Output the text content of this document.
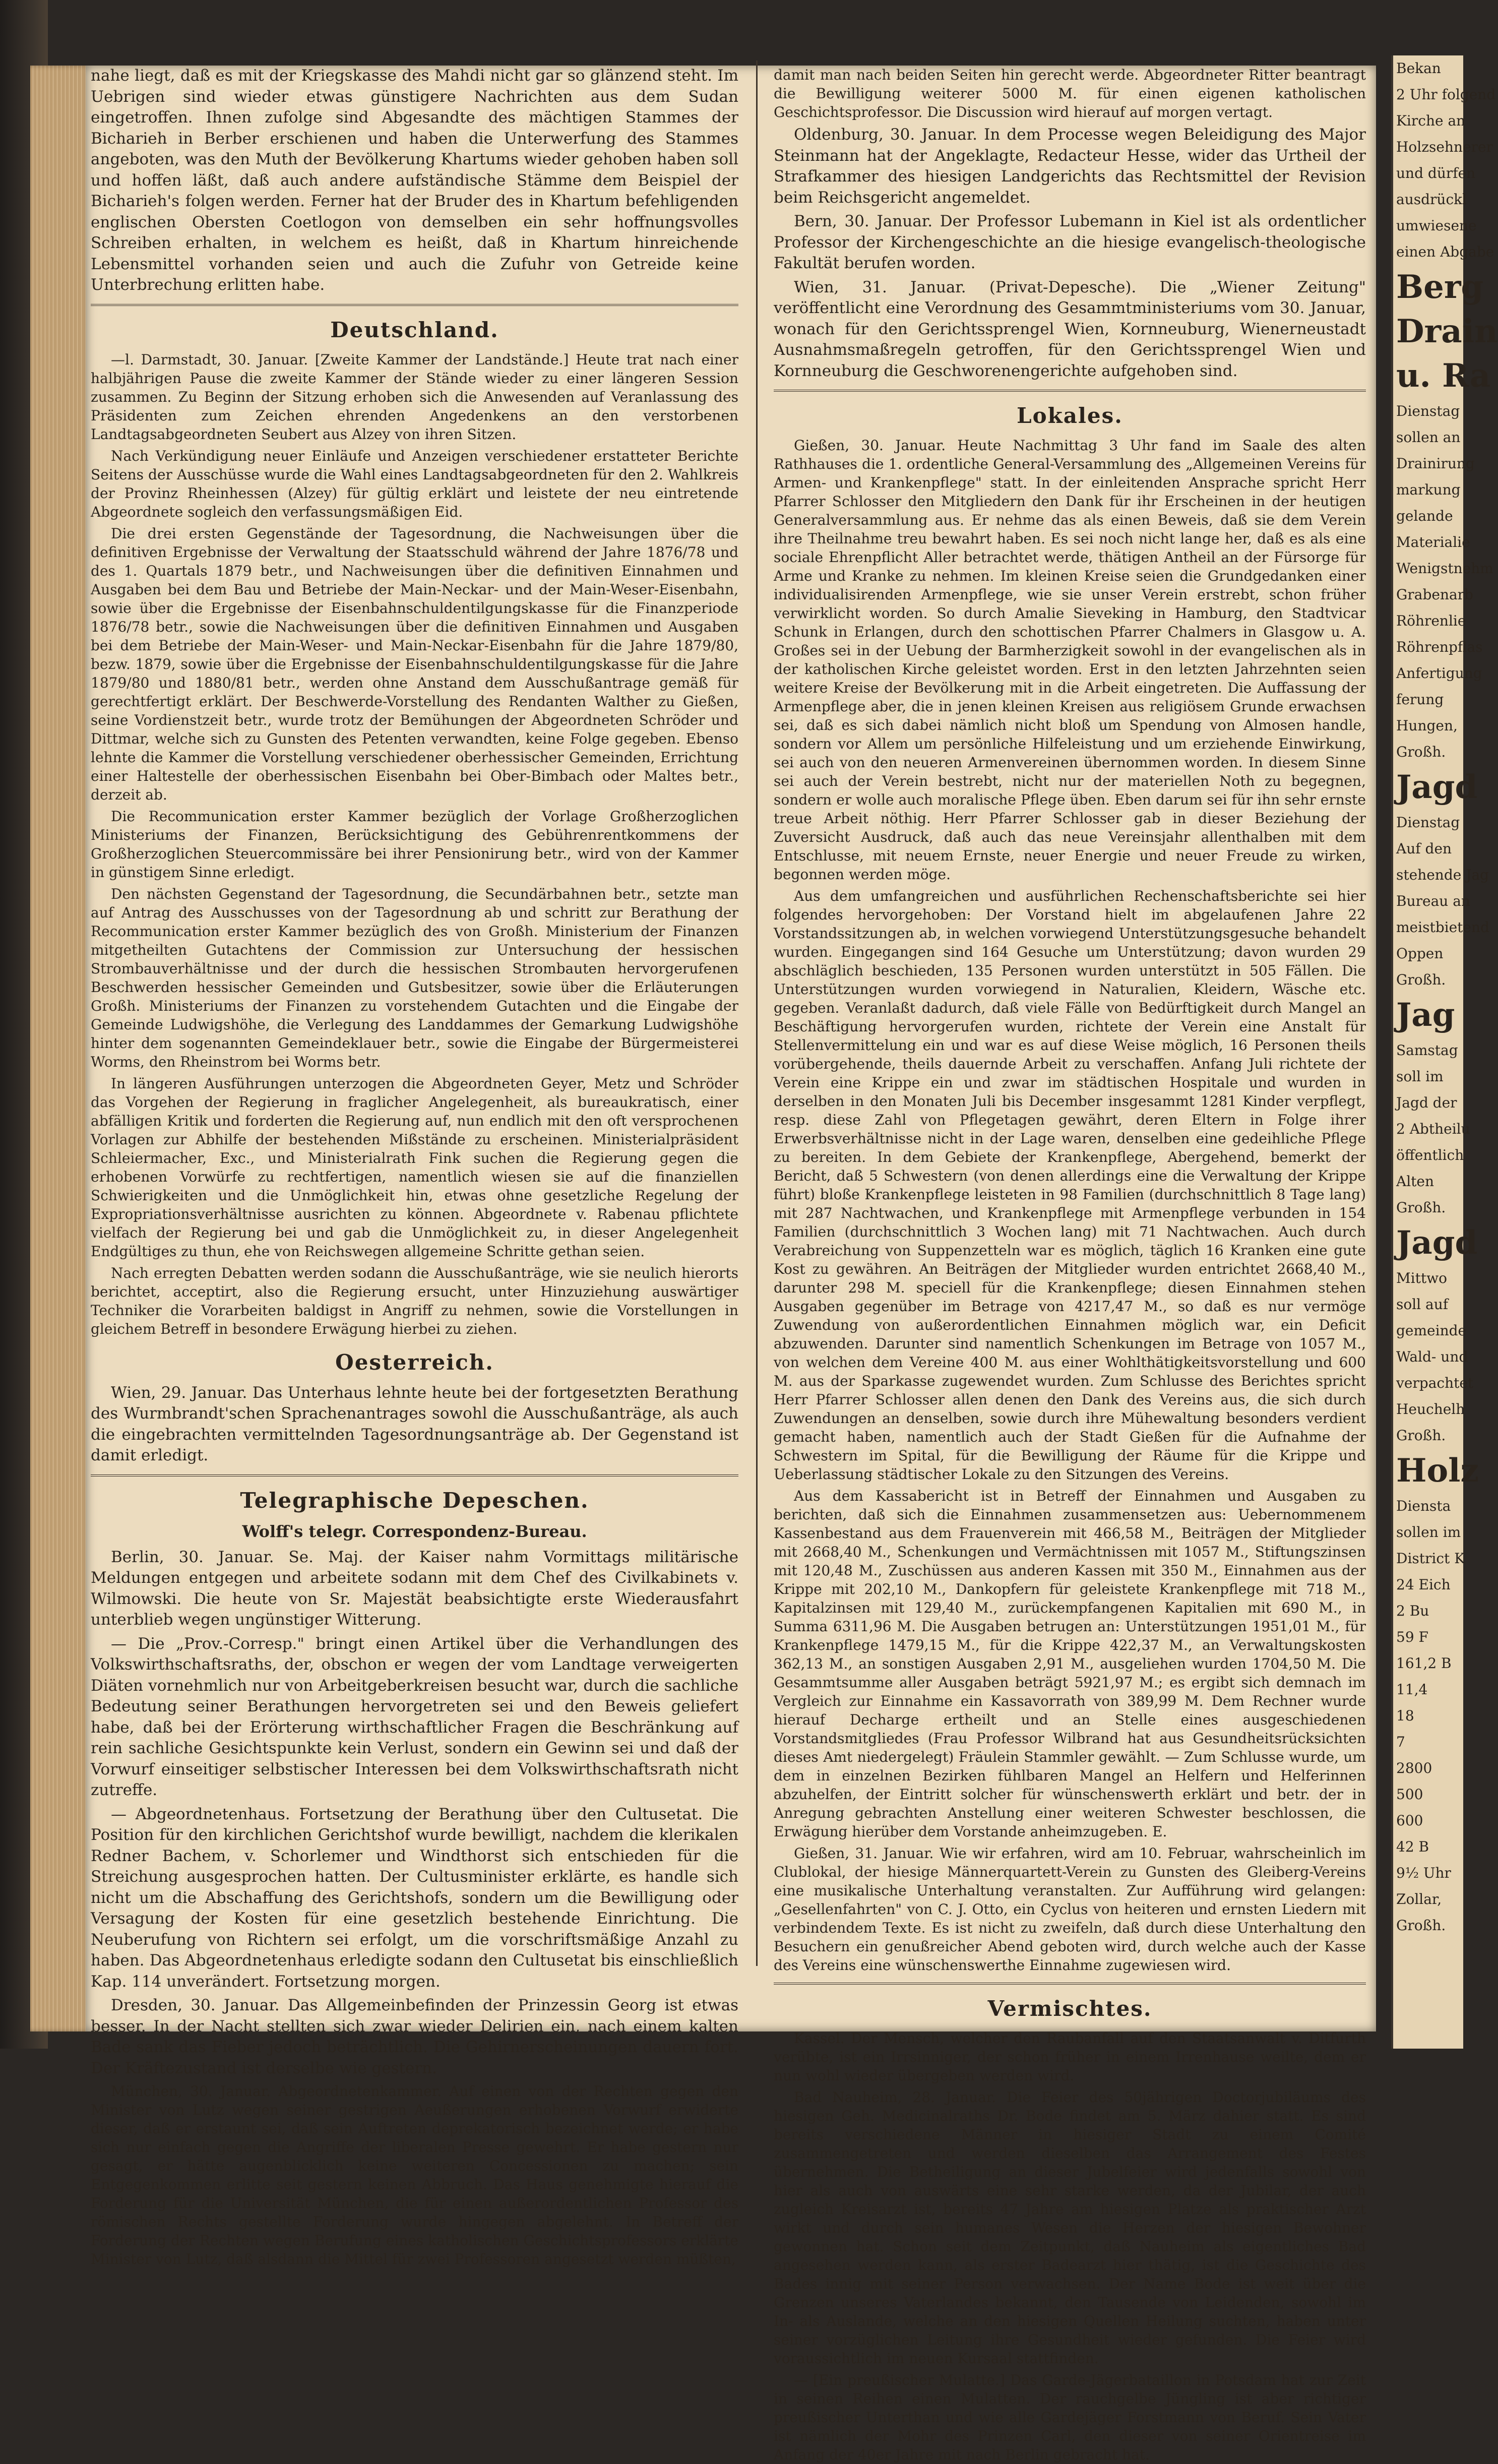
nahe liegt, daß es mit der Kriegskasse des Mahdi nicht gar so glänzend steht. Im Uebrigen sind wieder etwas günstigere Nachrichten aus dem Sudan eingetroffen. Ihnen zufolge sind Abgesandte des mächtigen Stammes der Bicharieh in Berber erschienen und haben die Unterwerfung des Stammes angeboten, was den Muth der Bevölkerung Khartums wieder gehoben haben soll und hoffen läßt, daß auch andere aufständische Stämme dem Beispiel der Bicharieh's folgen werden. Ferner hat der Bruder des in Khartum befehligenden englischen Obersten Coetlogon von demselben ein sehr hoffnungsvolles Schreiben erhalten, in welchem es heißt, daß in Khartum hinreichende Lebensmittel vorhanden seien und auch die Zufuhr von Getreide keine Unterbrechung erlitten habe.

Deutschland.

—l. Darmstadt, 30. Januar. [Zweite Kammer der Landstände.] Heute trat nach einer halbjährigen Pause die zweite Kammer der Stände wieder zu einer längeren Session zusammen. Zu Beginn der Sitzung erhoben sich die Anwesenden auf Veranlassung des Präsidenten zum Zeichen ehrenden Angedenkens an den verstorbenen Landtagsabgeordneten Seubert aus Alzey von ihren Sitzen.

Nach Verkündigung neuer Einläufe und Anzeigen verschiedener erstatteter Berichte Seitens der Ausschüsse wurde die Wahl eines Landtagsabgeordneten für den 2. Wahlkreis der Provinz Rheinhessen (Alzey) für gültig erklärt und leistete der neu eintretende Abgeordnete sogleich den verfassungsmäßigen Eid.

Die drei ersten Gegenstände der Tagesordnung, die Nachweisungen über die definitiven Ergebnisse der Verwaltung der Staatsschuld während der Jahre 1876/78 und des 1. Quartals 1879 betr., und Nachweisungen über die definitiven Einnahmen und Ausgaben bei dem Bau und Betriebe der Main-Neckar- und der Main-Weser-Eisenbahn, sowie über die Ergebnisse der Eisenbahnschuldentilgungskasse für die Finanzperiode 1876/78 betr., sowie die Nachweisungen über die definitiven Einnahmen und Ausgaben bei dem Betriebe der Main-Weser- und Main-Neckar-Eisenbahn für die Jahre 1879/80, bezw. 1879, sowie über die Ergebnisse der Eisenbahnschuldentilgungskasse für die Jahre 1879/80 und 1880/81 betr., werden ohne Anstand dem Ausschußantrage gemäß für gerechtfertigt erklärt. Der Beschwerde-Vorstellung des Rendanten Walther zu Gießen, seine Vordienstzeit betr., wurde trotz der Bemühungen der Abgeordneten Schröder und Dittmar, welche sich zu Gunsten des Petenten verwandten, keine Folge gegeben. Ebenso lehnte die Kammer die Vorstellung verschiedener oberhessischer Gemeinden, Errichtung einer Haltestelle der oberhessischen Eisenbahn bei Ober-Bimbach oder Maltes betr., derzeit ab.

Die Recommunication erster Kammer bezüglich der Vorlage Großherzoglichen Ministeriums der Finanzen, Berücksichtigung des Gebührenrentkommens der Großherzoglichen Steuercommissäre bei ihrer Pensionirung betr., wird von der Kammer in günstigem Sinne erledigt.

Den nächsten Gegenstand der Tagesordnung, die Secundärbahnen betr., setzte man auf Antrag des Ausschusses von der Tagesordnung ab und schritt zur Berathung der Recommunication erster Kammer bezüglich des von Großh. Ministerium der Finanzen mitgetheilten Gutachtens der Commission zur Untersuchung der hessischen Strombauverhältnisse und der durch die hessischen Strombauten hervorgerufenen Beschwerden hessischer Gemeinden und Gutsbesitzer, sowie über die Erläuterungen Großh. Ministeriums der Finanzen zu vorstehendem Gutachten und die Eingabe der Gemeinde Ludwigshöhe, die Verlegung des Landdammes der Gemarkung Ludwigshöhe hinter dem sogenannten Gemeindeklauer betr., sowie die Eingabe der Bürgermeisterei Worms, den Rheinstrom bei Worms betr.

In längeren Ausführungen unterzogen die Abgeordneten Geyer, Metz und Schröder das Vorgehen der Regierung in fraglicher Angelegenheit, als bureaukratisch, einer abfälligen Kritik und forderten die Regierung auf, nun endlich mit den oft versprochenen Vorlagen zur Abhilfe der bestehenden Mißstände zu erscheinen. Ministerialpräsident Schleiermacher, Exc., und Ministerialrath Fink suchen die Regierung gegen die erhobenen Vorwürfe zu rechtfertigen, namentlich wiesen sie auf die finanziellen Schwierigkeiten und die Unmöglichkeit hin, etwas ohne gesetzliche Regelung der Expropriationsverhältnisse ausrichten zu können. Abgeordnete v. Rabenau pflichtete vielfach der Regierung bei und gab die Unmöglichkeit zu, in dieser Angelegenheit Endgültiges zu thun, ehe von Reichswegen allgemeine Schritte gethan seien.

Nach erregten Debatten werden sodann die Ausschußanträge, wie sie neulich hierorts berichtet, acceptirt, also die Regierung ersucht, unter Hinzuziehung auswärtiger Techniker die Vorarbeiten baldigst in Angriff zu nehmen, sowie die Vorstellungen in gleichem Betreff in besondere Erwägung hierbei zu ziehen.

Oesterreich.

Wien, 29. Januar. Das Unterhaus lehnte heute bei der fortgesetzten Berathung des Wurmbrandt'schen Sprachenantrages sowohl die Ausschußanträge, als auch die eingebrachten vermittelnden Tagesordnungsanträge ab. Der Gegenstand ist damit erledigt.

Telegraphische Depeschen.
Wolff's telegr. Correspondenz-Bureau.

Berlin, 30. Januar. Se. Maj. der Kaiser nahm Vormittags militärische Meldungen entgegen und arbeitete sodann mit dem Chef des Civilkabinets v. Wilmowski. Die heute von Sr. Majestät beabsichtigte erste Wiederausfahrt unterblieb wegen ungünstiger Witterung.

— Die „Prov.-Corresp." bringt einen Artikel über die Verhandlungen des Volkswirthschaftsraths, der, obschon er wegen der vom Landtage verweigerten Diäten vornehmlich nur von Arbeitgeberkreisen besucht war, durch die sachliche Bedeutung seiner Berathungen hervorgetreten sei und den Beweis geliefert habe, daß bei der Erörterung wirthschaftlicher Fragen die Beschränkung auf rein sachliche Gesichtspunkte kein Verlust, sondern ein Gewinn sei und daß der Vorwurf einseitiger selbstischer Interessen bei dem Volkswirthschaftsrath nicht zutreffe.

— Abgeordnetenhaus. Fortsetzung der Berathung über den Cultusetat. Die Position für den kirchlichen Gerichtshof wurde bewilligt, nachdem die klerikalen Redner Bachem, v. Schorlemer und Windthorst sich entschieden für die Streichung ausgesprochen hatten. Der Cultusminister erklärte, es handle sich nicht um die Abschaffung des Gerichtshofs, sondern um die Bewilligung oder Versagung der Kosten für eine gesetzlich bestehende Einrichtung. Die Neuberufung von Richtern sei erfolgt, um die vorschriftsmäßige Anzahl zu haben. Das Abgeordnetenhaus erledigte sodann den Cultusetat bis einschließlich Kap. 114 unverändert. Fortsetzung morgen.

Dresden, 30. Januar. Das Allgemeinbefinden der Prinzessin Georg ist etwas besser. In der Nacht stellten sich zwar wieder Delirien ein, nach einem kalten Bade sank das Fieber jedoch beträchtlich. Die Gehirnerscheinungen dauern fort. Der Kräftezustand ist derselbe wie gestern.

München, 30. Januar. Abgeordnetenkammer. Auf einen von der Rechten gegen den Minister von Lutz wegen seiner gestrigen Aeußerungen erhobenen Vorwurf erwiderte dieser, daß er erstaunt sei, daß sein Auftreten deprekatorisch bezeichnet werde; er habe sich nur einfach gegen die Angriffe der liberalen Presse gewehrt. Er habe gestern nur gesagt, er hätte augenblicklich keine weiteren Concessionen zu machen; sein Entgegenkommen erlitte seit gestern keinen Abbruch. Das Haus genehmigte hierauf die Forderung für die Universität München, die für einen außerordentlichen Professor des römischen Rechts gestellte Forderung wurde hingegen abgelehnt. In Betreff der Forderung der Rechten wegen Berufung eines katholischen Geschichtsprofessors erklärte Minister von Lutz, daß alsdann die Mittel für zwei Professoren angesetzt werden müßten,

damit man nach beiden Seiten hin gerecht werde. Abgeordneter Ritter beantragt die Bewilligung weiterer 5000 M. für einen eigenen katholischen Geschichtsprofessor. Die Discussion wird hierauf auf morgen vertagt.

Oldenburg, 30. Januar. In dem Processe wegen Beleidigung des Major Steinmann hat der Angeklagte, Redacteur Hesse, wider das Urtheil der Strafkammer des hiesigen Landgerichts das Rechtsmittel der Revision beim Reichsgericht angemeldet.

Bern, 30. Januar. Der Professor Lubemann in Kiel ist als ordentlicher Professor der Kirchengeschichte an die hiesige evangelisch-theologische Fakultät berufen worden.

Wien, 31. Januar. (Privat-Depesche). Die „Wiener Zeitung" veröffentlicht eine Verordnung des Gesammtministeriums vom 30. Januar, wonach für den Gerichtssprengel Wien, Kornneuburg, Wienerneustadt Ausnahmsmaßregeln getroffen, für den Gerichtssprengel Wien und Kornneuburg die Geschworenengerichte aufgehoben sind.

Lokales.

Gießen, 30. Januar. Heute Nachmittag 3 Uhr fand im Saale des alten Rathhauses die 1. ordentliche General-Versammlung des „Allgemeinen Vereins für Armen- und Krankenpflege" statt. In der einleitenden Ansprache spricht Herr Pfarrer Schlosser den Mitgliedern den Dank für ihr Erscheinen in der heutigen Generalversammlung aus. Er nehme das als einen Beweis, daß sie dem Verein ihre Theilnahme treu bewahrt haben. Es sei noch nicht lange her, daß es als eine sociale Ehrenpflicht Aller betrachtet werde, thätigen Antheil an der Fürsorge für Arme und Kranke zu nehmen. Im kleinen Kreise seien die Grundgedanken einer individualisirenden Armenpflege, wie sie unser Verein erstrebt, schon früher verwirklicht worden. So durch Amalie Sieveking in Hamburg, den Stadtvicar Schunk in Erlangen, durch den schottischen Pfarrer Chalmers in Glasgow u. A. Großes sei in der Uebung der Barmherzigkeit sowohl in der evangelischen als in der katholischen Kirche geleistet worden. Erst in den letzten Jahrzehnten seien weitere Kreise der Bevölkerung mit in die Arbeit eingetreten. Die Auffassung der Armenpflege aber, die in jenen kleinen Kreisen aus religiösem Grunde erwachsen sei, daß es sich dabei nämlich nicht bloß um Spendung von Almosen handle, sondern vor Allem um persönliche Hilfeleistung und um erziehende Einwirkung, sei auch von den neueren Armenvereinen übernommen worden. In diesem Sinne sei auch der Verein bestrebt, nicht nur der materiellen Noth zu begegnen, sondern er wolle auch moralische Pflege üben. Eben darum sei für ihn sehr ernste treue Arbeit nöthig. Herr Pfarrer Schlosser gab in dieser Beziehung der Zuversicht Ausdruck, daß auch das neue Vereinsjahr allenthalben mit dem Entschlusse, mit neuem Ernste, neuer Energie und neuer Freude zu wirken, begonnen werden möge.

Aus dem umfangreichen und ausführlichen Rechenschaftsberichte sei hier folgendes hervorgehoben: Der Vorstand hielt im abgelaufenen Jahre 22 Vorstandssitzungen ab, in welchen vorwiegend Unterstützungsgesuche behandelt wurden. Eingegangen sind 164 Gesuche um Unterstützung; davon wurden 29 abschläglich beschieden, 135 Personen wurden unterstützt in 505 Fällen. Die Unterstützungen wurden vorwiegend in Naturalien, Kleidern, Wäsche etc. gegeben. Veranlaßt dadurch, daß viele Fälle von Bedürftigkeit durch Mangel an Beschäftigung hervorgerufen wurden, richtete der Verein eine Anstalt für Stellenvermittelung ein und war es auf diese Weise möglich, 16 Personen theils vorübergehende, theils dauernde Arbeit zu verschaffen. Anfang Juli richtete der Verein eine Krippe ein und zwar im städtischen Hospitale und wurden in derselben in den Monaten Juli bis December insgesammt 1281 Kinder verpflegt, resp. diese Zahl von Pflegetagen gewährt, deren Eltern in Folge ihrer Erwerbsverhältnisse nicht in der Lage waren, denselben eine gedeihliche Pflege zu bereiten. In dem Gebiete der Krankenpflege, Abergehend, bemerkt der Bericht, daß 5 Schwestern (von denen allerdings eine die Verwaltung der Krippe führt) bloße Krankenpflege leisteten in 98 Familien (durchschnittlich 8 Tage lang) mit 287 Nachtwachen, und Krankenpflege mit Armenpflege verbunden in 154 Familien (durchschnittlich 3 Wochen lang) mit 71 Nachtwachen. Auch durch Verabreichung von Suppenzetteln war es möglich, täglich 16 Kranken eine gute Kost zu gewähren. An Beiträgen der Mitglieder wurden entrichtet 2668,40 M., darunter 298 M. speciell für die Krankenpflege; diesen Einnahmen stehen Ausgaben gegenüber im Betrage von 4217,47 M., so daß es nur vermöge Zuwendung von außerordentlichen Einnahmen möglich war, ein Deficit abzuwenden. Darunter sind namentlich Schenkungen im Betrage von 1057 M., von welchen dem Vereine 400 M. aus einer Wohlthätigkeitsvorstellung und 600 M. aus der Sparkasse zugewendet wurden. Zum Schlusse des Berichtes spricht Herr Pfarrer Schlosser allen denen den Dank des Vereins aus, die sich durch Zuwendungen an denselben, sowie durch ihre Mühewaltung besonders verdient gemacht haben, namentlich auch der Stadt Gießen für die Aufnahme der Schwestern im Spital, für die Bewilligung der Räume für die Krippe und Ueberlassung städtischer Lokale zu den Sitzungen des Vereins.

Aus dem Kassabericht ist in Betreff der Einnahmen und Ausgaben zu berichten, daß sich die Einnahmen zusammensetzen aus: Uebernommenem Kassenbestand aus dem Frauenverein mit 466,58 M., Beiträgen der Mitglieder mit 2668,40 M., Schenkungen und Vermächtnissen mit 1057 M., Stiftungszinsen mit 120,48 M., Zuschüssen aus anderen Kassen mit 350 M., Einnahmen aus der Krippe mit 202,10 M., Dankopfern für geleistete Krankenpflege mit 718 M., Kapitalzinsen mit 129,40 M., zurückempfangenen Kapitalien mit 690 M., in Summa 6311,96 M. Die Ausgaben betrugen an: Unterstützungen 1951,01 M., für Krankenpflege 1479,15 M., für die Krippe 422,37 M., an Verwaltungskosten 362,13 M., an sonstigen Ausgaben 2,91 M., ausgeliehen wurden 1704,50 M. Die Gesammtsumme aller Ausgaben beträgt 5921,97 M.; es ergibt sich demnach im Vergleich zur Einnahme ein Kassavorrath von 389,99 M. Dem Rechner wurde hierauf Decharge ertheilt und an Stelle eines ausgeschiedenen Vorstandsmitgliedes (Frau Professor Wilbrand hat aus Gesundheitsrücksichten dieses Amt niedergelegt) Fräulein Stammler gewählt. — Zum Schlusse wurde, um dem in einzelnen Bezirken fühlbaren Mangel an Helfern und Helferinnen abzuhelfen, der Eintritt solcher für wünschenswerth erklärt und betr. der in Anregung gebrachten Anstellung einer weiteren Schwester beschlossen, die Erwägung hierüber dem Vorstande anheimzugeben. E.

Gießen, 31. Januar. Wie wir erfahren, wird am 10. Februar, wahrscheinlich im Clublokal, der hiesige Männerquartett-Verein zu Gunsten des Gleiberg-Vereins eine musikalische Unterhaltung veranstalten. Zur Aufführung wird gelangen: „Gesellenfahrten" von C. J. Otto, ein Cyclus von heiteren und ernsten Liedern mit verbindendem Texte. Es ist nicht zu zweifeln, daß durch diese Unterhaltung den Besuchern ein genußreicher Abend geboten wird, durch welche auch der Kasse des Vereins eine wünschenswerthe Einnahme zugewiesen wird.

Vermischtes.

Kassel. Der Mensch, welcher den Raubanfall auf den Staatsanwalt v. Ditfurth verübte, ist ein Irrsinniger, der schon früher in einem Irrenhause weilte, dem er nun wohl wieder übergeben werden wird.

Bad Nauheim, 28. Januar. Die Feier des 50jährigen Doctorjubiläums des hiesigen Geh. Medicinalraths Dr. Bode findet am 5. März dahier statt. Es sind bereits verschiedene Männer in hiesiger Stadt zu einem Comité zusammengetreten und werden dieselben das Arrangement des Festes übernehmen. Die Betheiligung an dieser Jubelfeier wird jedenfalls sowohl von hier als auch von auswärts eine sehr starke werden, da der Jubilar, der auch zugleich Kreisarzt ist, bereits 47 Jahre am hiesigen Platze als praktischer Arzt wirkt und durch sein humanes Wesen die Herzen der hiesigen Bewohner gewonnen hat. Schon seit dem Zeitpunkt, daß Nauheim als eigentliches Bad angesehen werden kann, als erster Badearzt hier thätig, ist die Geschichte des Bades innig mit seiner Person verwachsen. Der Name Bode ist weit über die Grenzen unseres Vaterlandes bekannt, den Tausende von Leidenden, sowohl im In- als Auslande, welche an den hiesigen Quellen Heilung suchten, haben unter seiner vorzüglichen Leitung ihre Gesundheit wieder gefunden. Die Feier wird voraussichtlich im neuen Kursaal stattfinden.

— [Ein preußischer Mulatte.] Das Garde-Jägerbataillon in Potsdam hat zur Zeit in seinen Reihen einen Mulatten. Der rauchgelbe Jüngling ist aber richtiger preußischer Unterthan und wie alle Gardejäger Forstmann von Beruf. Sein Vater ist nämlich der Mohr des Prinzen Carl, den dieser von seiner Orientreise im Anfang der 40er Jahre mit nach Berlin gebracht hat.

Bekan
2 Uhr folgend
Kirche an
Holzsehnerer
und dürfen
ausdrückl
umwiesene
einen Abgabe
Berg
Drain
u. Ra
Dienstag
sollen an
Drainirung
markung
gelande
Materialie
Wenigstnehm
Grabenarb
Röhrenlie
Röhrenpflas
Anfertigung
ferung
Hungen,
Großh.
Jagd
Dienstag
Auf den
stehende Jag
Bureau an
meistbietend
Oppen
Großh.
Jag
Samstag
soll im
Jagd der
2 Abtheilu
öffentlich
Alten
Großh.
Jagd
Mittwo
soll auf
gemeinde
Wald- und
verpachtet
Heuchelh
Großh.
Holz
Diensta
sollen im
District K
24 Eich
2 Bu
59 F
161,2 B
11,4
18
7
2800
500
600
42 B
9½ Uhr
Zollar,
Großh.
